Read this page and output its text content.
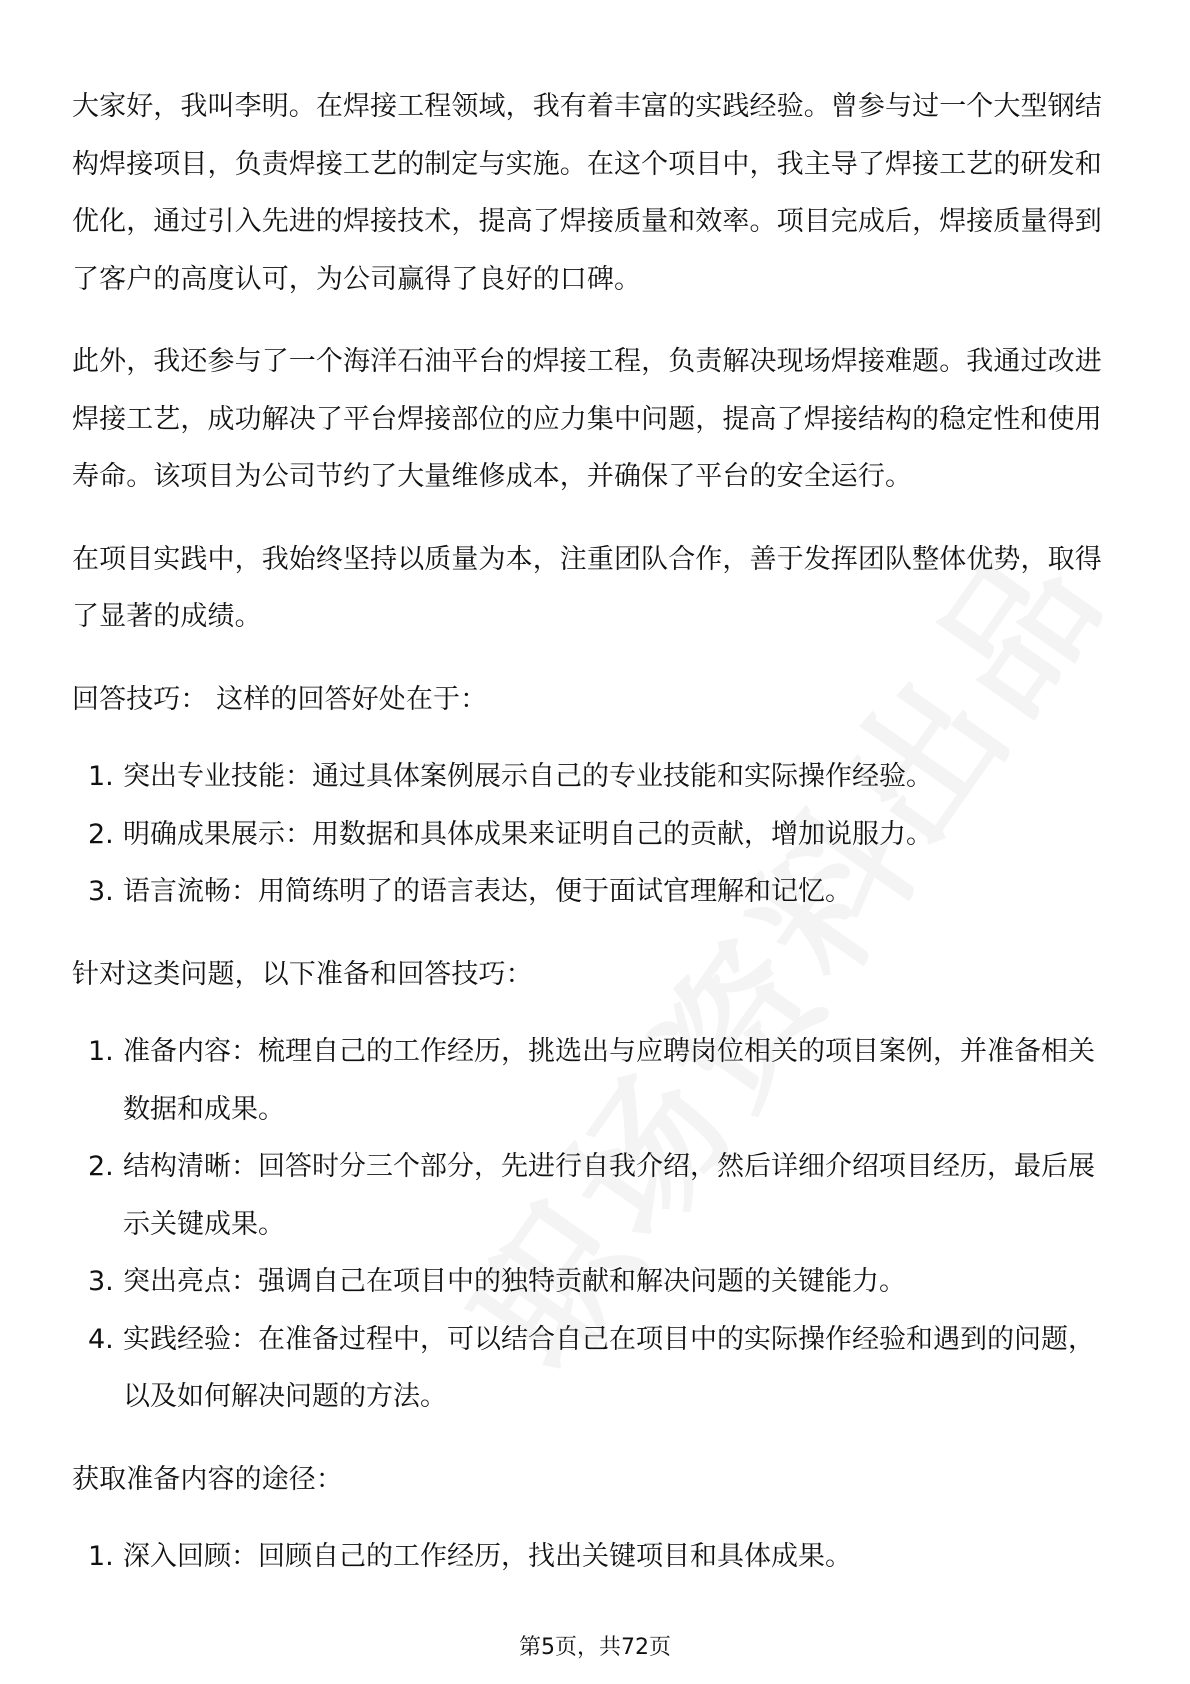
大家好，我叫李明。在焊接工程领域，我有着丰富的实践经验。曾参与过一个大型钢结构焊接项目，负责焊接工艺的制定与实施。在这个项目中，我主导了焊接工艺的研发和优化，通过引入先进的焊接技术，提高了焊接质量和效率。项目完成后，焊接质量得到了客户的高度认可，为公司赢得了良好的口碑。

此外，我还参与了一个海洋石油平台的焊接工程，负责解决现场焊接难题。我通过改进焊接工艺，成功解决了平台焊接部位的应力集中问题，提高了焊接结构的稳定性和使用寿命。该项目为公司节约了大量维修成本，并确保了平台的安全运行。

在项目实践中，我始终坚持以质量为本，注重团队合作，善于发挥团队整体优势，取得了显著的成绩。

回答技巧： 这样的回答好处在于：

1. 突出专业技能：通过具体案例展示自己的专业技能和实际操作经验。
2. 明确成果展示：用数据和具体成果来证明自己的贡献，增加说服力。
3. 语言流畅：用简练明了的语言表达，便于面试官理解和记忆。

针对这类问题，以下准备和回答技巧：

1. 准备内容：梳理自己的工作经历，挑选出与应聘岗位相关的项目案例，并准备相关数据和成果。
2. 结构清晰：回答时分三个部分，先进行自我介绍，然后详细介绍项目经历，最后展示关键成果。
3. 突出亮点：强调自己在项目中的独特贡献和解决问题的关键能力。
4. 实践经验：在准备过程中，可以结合自己在项目中的实际操作经验和遇到的问题，以及如何解决问题的方法。

获取准备内容的途径：

1. 深入回顾：回顾自己的工作经历，找出关键项目和具体成果。
第5页，共72页
